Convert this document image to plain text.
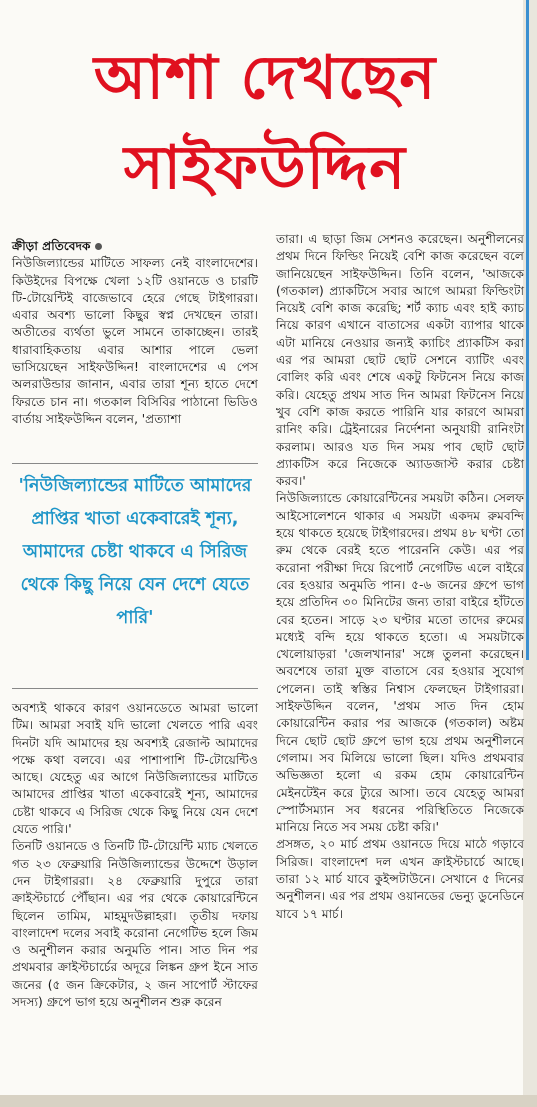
আশা দেখছেন
সাইফউদ্দিন

ক্রীড়া প্রতিবেদক

নিউজিল্যান্ডের মাটিতে সাফল্য নেই বাংলাদেশের। কিউইদের বিপক্ষে খেলা ১২টি ওয়ানডে ও চারটি টি-টোয়েন্টিই বাজেভাবে হেরে গেছে টাইগাররা। এবার অবশ্য ভালো কিছুর স্বপ্ন দেখছেন তারা। অতীতের ব্যর্থতা ভুলে সামনে তাকাচ্ছেন। তারই ধারাবাহিকতায় এবার আশার পালে ভেলা ভাসিয়েছেন সাইফউদ্দিন! বাংলাদেশের এ পেস অলরাউন্ডার জানান, এবার তারা শূন্য হাতে দেশে ফিরতে চান না। গতকাল বিসিবির পাঠানো ভিডিও বার্তায় সাইফউদ্দিন বলেন, 'প্রত্যাশা

'নিউজিল্যান্ডের মাটিতে আমাদের প্রাপ্তির খাতা একেবারেই শূন্য, আমাদের চেষ্টা থাকবে এ সিরিজ থেকে কিছু নিয়ে যেন দেশে যেতে পারি'

অবশ্যই থাকবে কারণ ওয়ানডেতে আমরা ভালো টিম। আমরা সবাই যদি ভালো খেলতে পারি এবং দিনটা যদি আমাদের হয় অবশ্যই রেজাল্ট আমাদের পক্ষে কথা বলবে। এর পাশাপাশি টি-টোয়েন্টিও আছে। যেহেতু এর আগে নিউজিল্যান্ডের মাটিতে আমাদের প্রাপ্তির খাতা একেবারেই শূন্য, আমাদের চেষ্টা থাকবে এ সিরিজ থেকে কিছু নিয়ে যেন দেশে যেতে পারি।'

তিনটি ওয়ানডে ও তিনটি টি-টোয়েন্টি ম্যাচ খেলতে গত ২৩ ফেব্রুয়ারি নিউজিল্যান্ডের উদ্দেশে উড়াল দেন টাইগাররা। ২৪ ফেব্রুয়ারি দুপুরে তারা ক্রাইস্টচার্চে পৌঁছান। এর পর থেকে কোয়ারেন্টিনে ছিলেন তামিম, মাহমুদউল্লাহরা। তৃতীয় দফায় বাংলাদেশ দলের সবাই করোনা নেগেটিভ হলে জিম ও অনুশীলন করার অনুমতি পান। সাত দিন পর প্রথমবার ক্রাইস্টচার্চের অদূরে লিঙ্কন গ্রুপ ইনে সাত জনের (৫ জন ক্রিকেটার, ২ জন সাপোর্ট স্টাফের সদস্য) গ্রুপে ভাগ হয়ে অনুশীলন শুরু করেন

তারা। এ ছাড়া জিম সেশনও করেছেন। অনুশীলনের প্রথম দিনে ফিল্ডিং নিয়েই বেশি কাজ করেছেন বলে জানিয়েছেন সাইফউদ্দিন। তিনি বলেন, 'আজকে (গতকাল) প্র্যাকটিসে সবার আগে আমরা ফিল্ডিংটা নিয়েই বেশি কাজ করেছি; শর্ট ক্যাচ এবং হাই ক্যাচ নিয়ে কারণ এখানে বাতাসের একটা ব্যাপার থাকে এটা মানিয়ে নেওয়ার জন্যই ক্যাচিং প্র্যাকটিস করা এর পর আমরা ছোট ছোট সেশনে ব্যাটিং এবং বোলিং করি এবং শেষে একটু ফিটনেস নিয়ে কাজ করি। যেহেতু প্রথম সাত দিন আমরা ফিটনেস নিয়ে খুব বেশি কাজ করতে পারিনি যার কারণে আমরা রানিং করি। ট্রেইনারের নির্দেশনা অনুযায়ী রানিংটা করলাম। আরও যত দিন সময় পাব ছোট ছোট প্র্যাকটিস করে নিজেকে অ্যাডজাস্ট করার চেষ্টা করব।'

নিউজিল্যান্ডে কোয়ারেন্টিনের সময়টা কঠিন। সেলফ আইসোলেশনে থাকার এ সময়টা একদম রুমবন্দি হয়ে থাকতে হয়েছে টাইগারদের। প্রথম ৪৮ ঘণ্টা তো রুম থেকে বেরই হতে পারেননি কেউ। এর পর করোনা পরীক্ষা দিয়ে রিপোর্ট নেগেটিভ এলে বাইরে বের হওয়ার অনুমতি পান। ৫-৬ জনের গ্রুপে ভাগ হয়ে প্রতিদিন ৩০ মিনিটের জন্য তারা বাইরে হাঁটতে বের হতেন। সাড়ে ২৩ ঘণ্টার মতো তাদের রুমের মধ্যেই বন্দি হয়ে থাকতে হতো। এ সময়টাকে খেলোয়াড়রা 'জেলখানার' সঙ্গে তুলনা করেছেন। অবশেষে তারা মুক্ত বাতাসে বের হওয়ার সুযোগ পেলেন। তাই স্বস্তির নিশ্বাস ফেলছেন টাইগাররা। সাইফউদ্দিন বলেন, 'প্রথম সাত দিন হোম কোয়ারেন্টিন করার পর আজকে (গতকাল) অষ্টম দিনে ছোট ছোট গ্রুপে ভাগ হয়ে প্রথম অনুশীলনে গেলাম। সব মিলিয়ে ভালো ছিল। যদিও প্রথমবার অভিজ্ঞতা হলো এ রকম হোম কোয়ারেন্টিন মেইনটেইন করে ট্যুরে আসা। তবে যেহেতু আমরা স্পোর্টসম্যান সব ধরনের পরিস্থিতিতে নিজেকে মানিয়ে নিতে সব সময় চেষ্টা করি।'

প্রসঙ্গত, ২০ মার্চ প্রথম ওয়ানডে দিয়ে মাঠে গড়াবে সিরিজ। বাংলাদেশ দল এখন ক্রাইস্টচার্চে আছে। তারা ১২ মার্চ যাবে কুইন্সটাউনে। সেখানে ৫ দিনের অনুশীলন। এর পর প্রথম ওয়ানডের ভেন্যু ডুনেডিনে যাবে ১৭ মার্চ।
